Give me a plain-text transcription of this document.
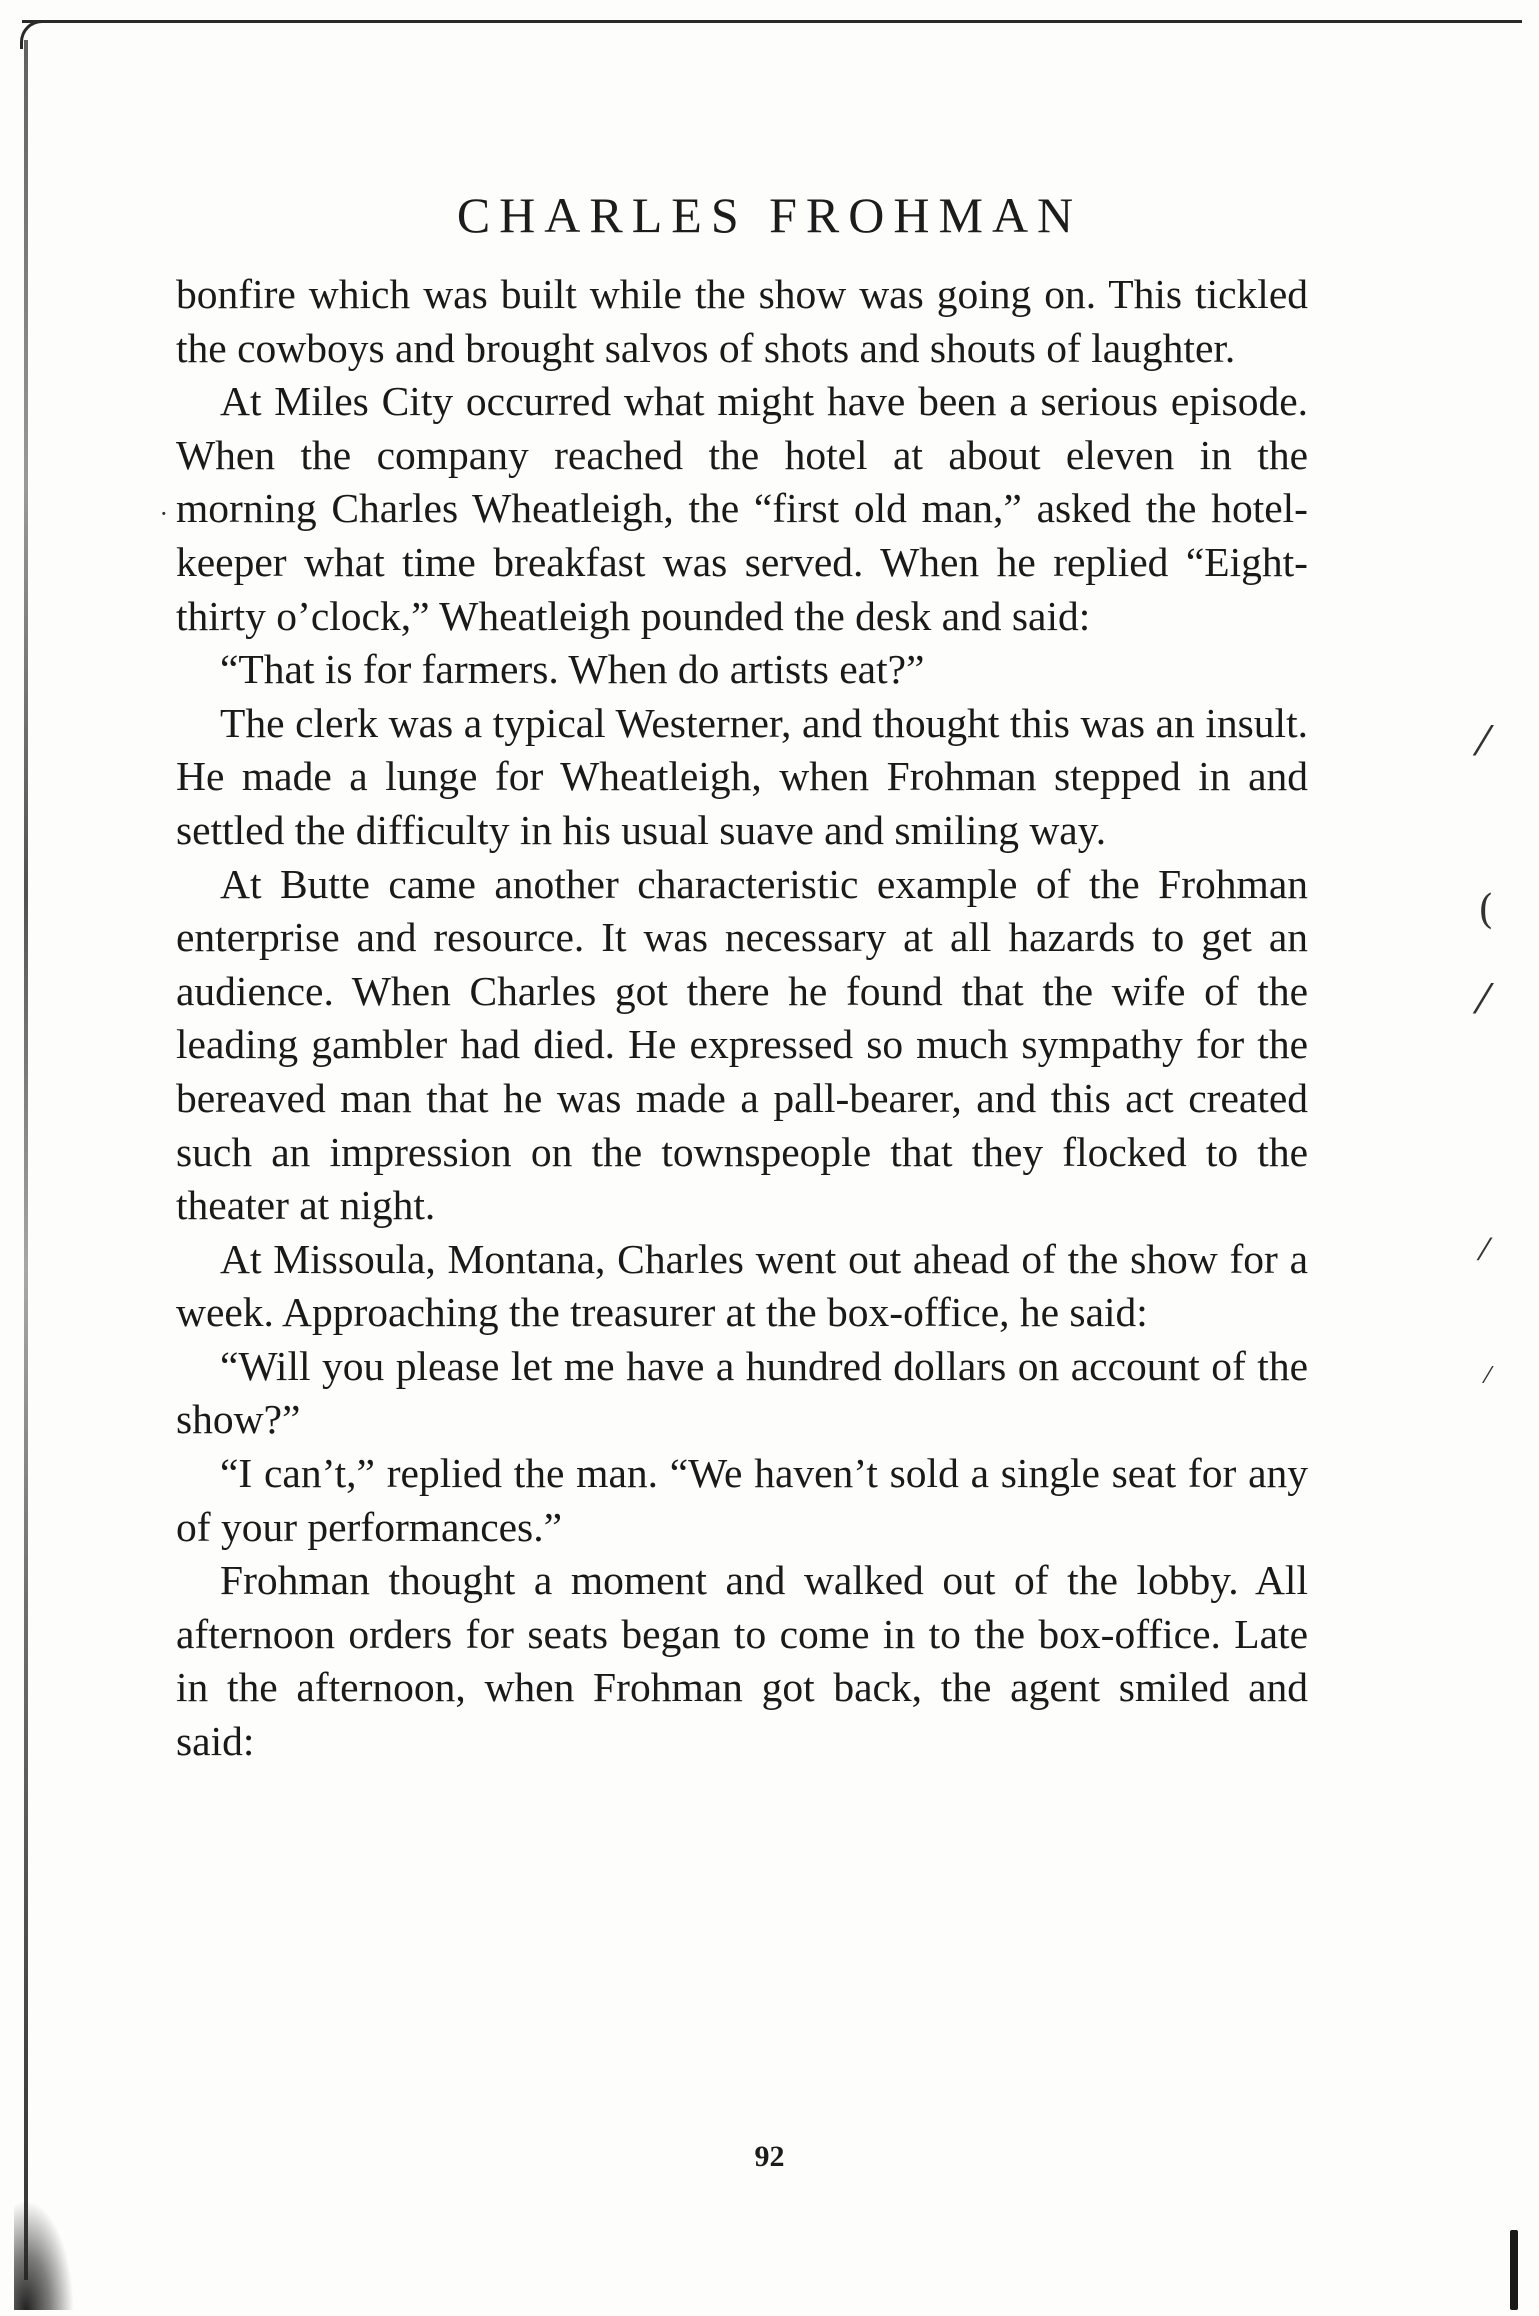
⁄
(
⁄
⁄
⁄
·
CHARLES FROHMAN

bonfire which was built while the show was going on. This tickled the cowboys and brought salvos of shots and shouts of laughter.

At Miles City occurred what might have been a serious episode. When the company reached the hotel at about eleven in the morning Charles Wheatleigh, the “first old man,” asked the hotel-keeper what time breakfast was served. When he replied “Eight-thirty o’clock,” Wheatleigh pounded the desk and said:

“That is for farmers. When do artists eat?”

The clerk was a typical Westerner, and thought this was an insult. He made a lunge for Wheatleigh, when Frohman stepped in and settled the difficulty in his usual suave and smiling way.

At Butte came another characteristic example of the Frohman enterprise and resource. It was necessary at all hazards to get an audience. When Charles got there he found that the wife of the leading gambler had died. He expressed so much sympathy for the bereaved man that he was made a pall-bearer, and this act created such an impression on the townspeople that they flocked to the theater at night.

At Missoula, Montana, Charles went out ahead of the show for a week. Approaching the treasurer at the box-office, he said:

“Will you please let me have a hundred dollars on account of the show?”

“I can’t,” replied the man. “We haven’t sold a single seat for any of your performances.”

Frohman thought a moment and walked out of the lobby. All afternoon orders for seats began to come in to the box-office. Late in the afternoon, when Frohman got back, the agent smiled and said:

92
